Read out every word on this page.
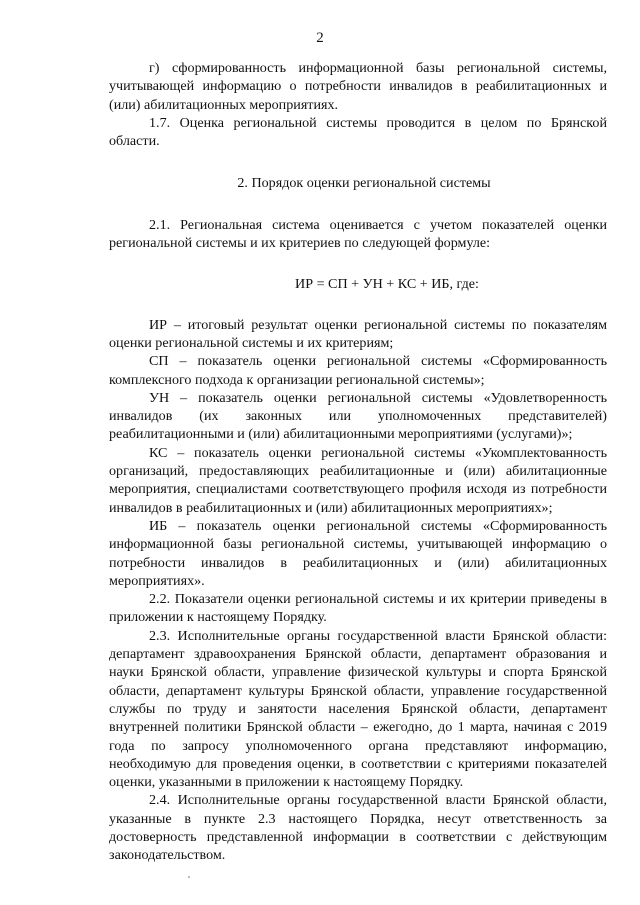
2

г) сформированность информационной базы региональной системы, учитывающей информацию о потребности инвалидов в реабилитационных и (или) абилитационных мероприятиях.

1.7. Оценка региональной системы проводится в целом по Брянской области.

2. Порядок оценки региональной системы

2.1. Региональная система оценивается с учетом показателей оценки региональной системы и их критериев по следующей формуле:

ИР = СП + УН + КС + ИБ, где:

ИР – итоговый результат оценки региональной системы по показателям оценки региональной системы и их критериям;

СП – показатель оценки региональной системы «Сформированность комплексного подхода к организации региональной системы»;

УН – показатель оценки региональной системы «Удовлетворенность инвалидов (их законных или уполномоченных представителей) реабилитационными и (или) абилитационными мероприятиями (услугами)»;

КС – показатель оценки региональной системы «Укомплектованность организаций, предоставляющих реабилитационные и (или) абилитационные мероприятия, специалистами соответствующего профиля исходя из потребности инвалидов в реабилитационных и (или) абилитационных мероприятиях»;

ИБ – показатель оценки региональной системы «Сформированность информационной базы региональной системы, учитывающей информацию о потребности инвалидов в реабилитационных и (или) абилитационных мероприятиях».

2.2. Показатели оценки региональной системы и их критерии приведены в приложении к настоящему Порядку.

2.3. Исполнительные органы государственной власти Брянской области: департамент здравоохранения Брянской области, департамент образования и науки Брянской области, управление физической культуры и спорта Брянской области, департамент культуры Брянской области, управление государственной службы по труду и занятости населения Брянской области, департамент внутренней политики Брянской области – ежегодно, до 1 марта, начиная с 2019 года по запросу уполномоченного органа представляют информацию, необходимую для проведения оценки, в соответствии с критериями показателей оценки, указанными в приложении к настоящему Порядку.

2.4. Исполнительные органы государственной власти Брянской области, указанные в пункте 2.3 настоящего Порядка, несут ответственность за достоверность представленной информации в соответствии с действующим законодательством.
